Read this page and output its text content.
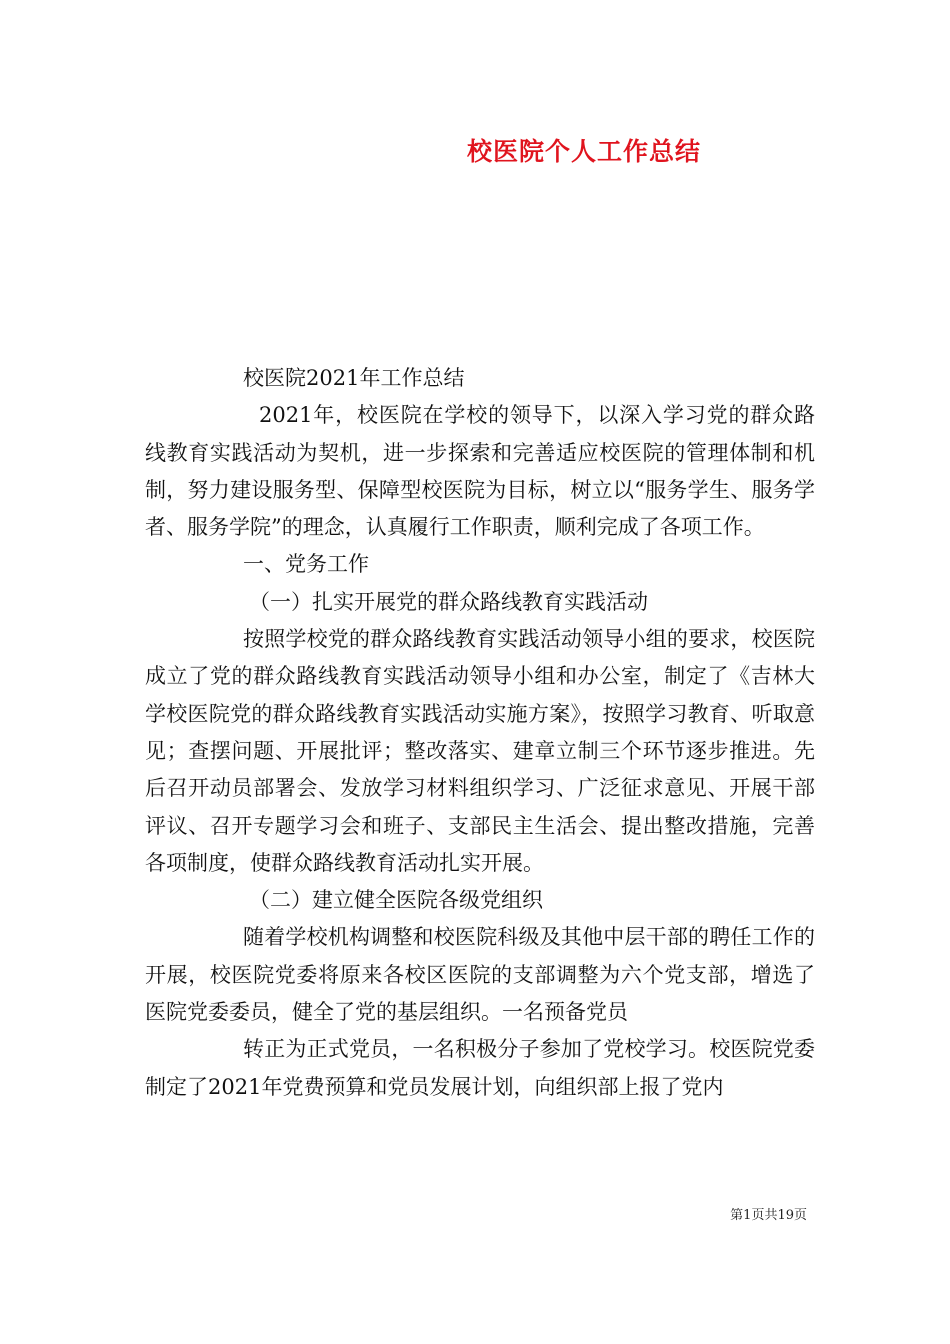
校医院个人工作总结

校医院2021年工作总结

2021年，校医院在学校的领导下，以深入学习党的群众路线教育实践活动为契机，进一步探索和完善适应校医院的管理体制和机制，努力建设服务型、保障型校医院为目标，树立以“服务学生、服务学者、服务学院”的理念，认真履行工作职责，顺利完成了各项工作。

一、党务工作

（一）扎实开展党的群众路线教育实践活动

按照学校党的群众路线教育实践活动领导小组的要求，校医院成立了党的群众路线教育实践活动领导小组和办公室，制定了《吉林大学校医院党的群众路线教育实践活动实施方案》，按照学习教育、听取意见；查摆问题、开展批评；整改落实、建章立制三个环节逐步推进。先后召开动员部署会、发放学习材料组织学习、广泛征求意见、开展干部评议、召开专题学习会和班子、支部民主生活会、提出整改措施，完善各项制度，使群众路线教育活动扎实开展。

（二）建立健全医院各级党组织

随着学校机构调整和校医院科级及其他中层干部的聘任工作的开展，校医院党委将原来各校区医院的支部调整为六个党支部，增选了医院党委委员，健全了党的基层组织。一名预备党员

转正为正式党员，一名积极分子参加了党校学习。校医院党委制定了2021年党费预算和党员发展计划，向组织部上报了党内

第1页共19页
